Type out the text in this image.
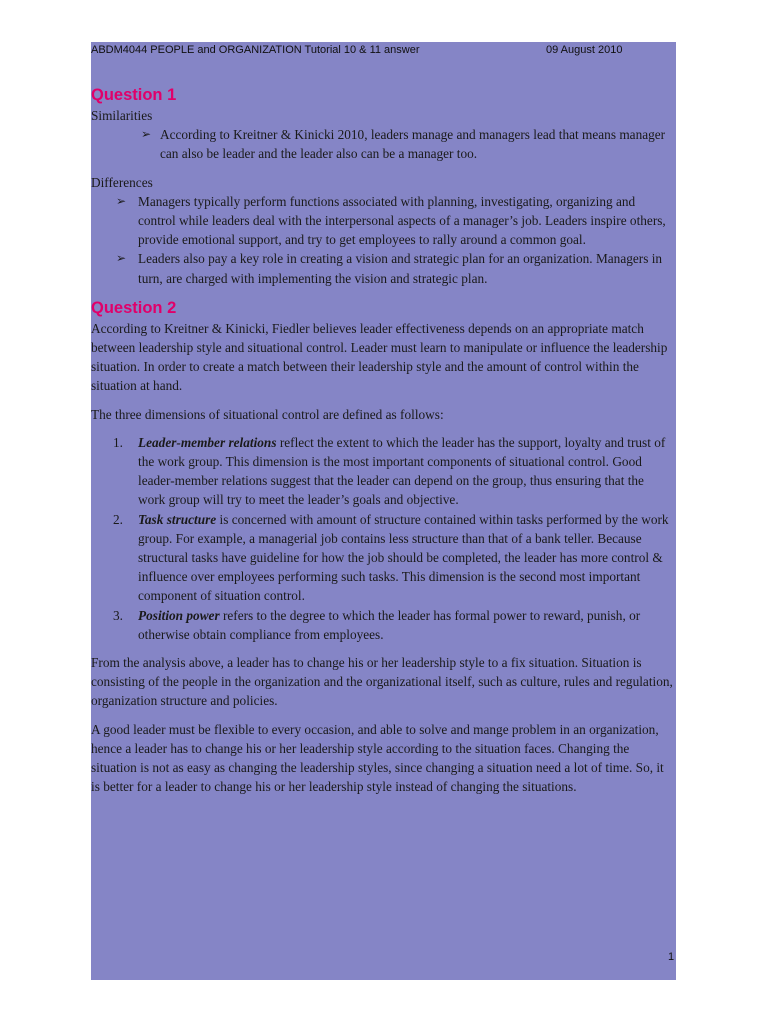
ABDM4044 PEOPLE and ORGANIZATION Tutorial 10 & 11 answer	09 August 2010
Question 1

Similarities

➢ According to Kreitner & Kinicki 2010, leaders manage and managers lead that means manager can also be leader and the leader also can be a manager too.

Differences

➢ Managers typically perform functions associated with planning, investigating, organizing and control while leaders deal with the interpersonal aspects of a manager’s job. Leaders inspire others, provide emotional support, and try to get employees to rally around a common goal.
➢ Leaders also pay a key role in creating a vision and strategic plan for an organization. Managers in turn, are charged with implementing the vision and strategic plan.
Question 2

According to Kreitner & Kinicki, Fiedler believes leader effectiveness depends on an appropriate match between leadership style and situational control. Leader must learn to manipulate or influence the leadership situation. In order to create a match between their leadership style and the amount of control within the situation at hand.

The three dimensions of situational control are defined as follows:

1. Leader-member relations reflect the extent to which the leader has the support, loyalty and trust of the work group. This dimension is the most important components of situational control. Good leader-member relations suggest that the leader can depend on the group, thus ensuring that the work group will try to meet the leader’s goals and objective.
2. Task structure is concerned with amount of structure contained within tasks performed by the work group. For example, a managerial job contains less structure than that of a bank teller. Because structural tasks have guideline for how the job should be completed, the leader has more control & influence over employees performing such tasks. This dimension is the second most important component of situation control.
3. Position power refers to the degree to which the leader has formal power to reward, punish, or otherwise obtain compliance from employees.

From the analysis above, a leader has to change his or her leadership style to a fix situation. Situation is consisting of the people in the organization and the organizational itself, such as culture, rules and regulation, organization structure and policies.

A good leader must be flexible to every occasion, and able to solve and mange problem in an organization, hence a leader has to change his or her leadership style according to the situation faces. Changing the situation is not as easy as changing the leadership styles, since changing a situation need a lot of time. So, it is better for a leader to change his or her leadership style instead of changing the situations.

1
